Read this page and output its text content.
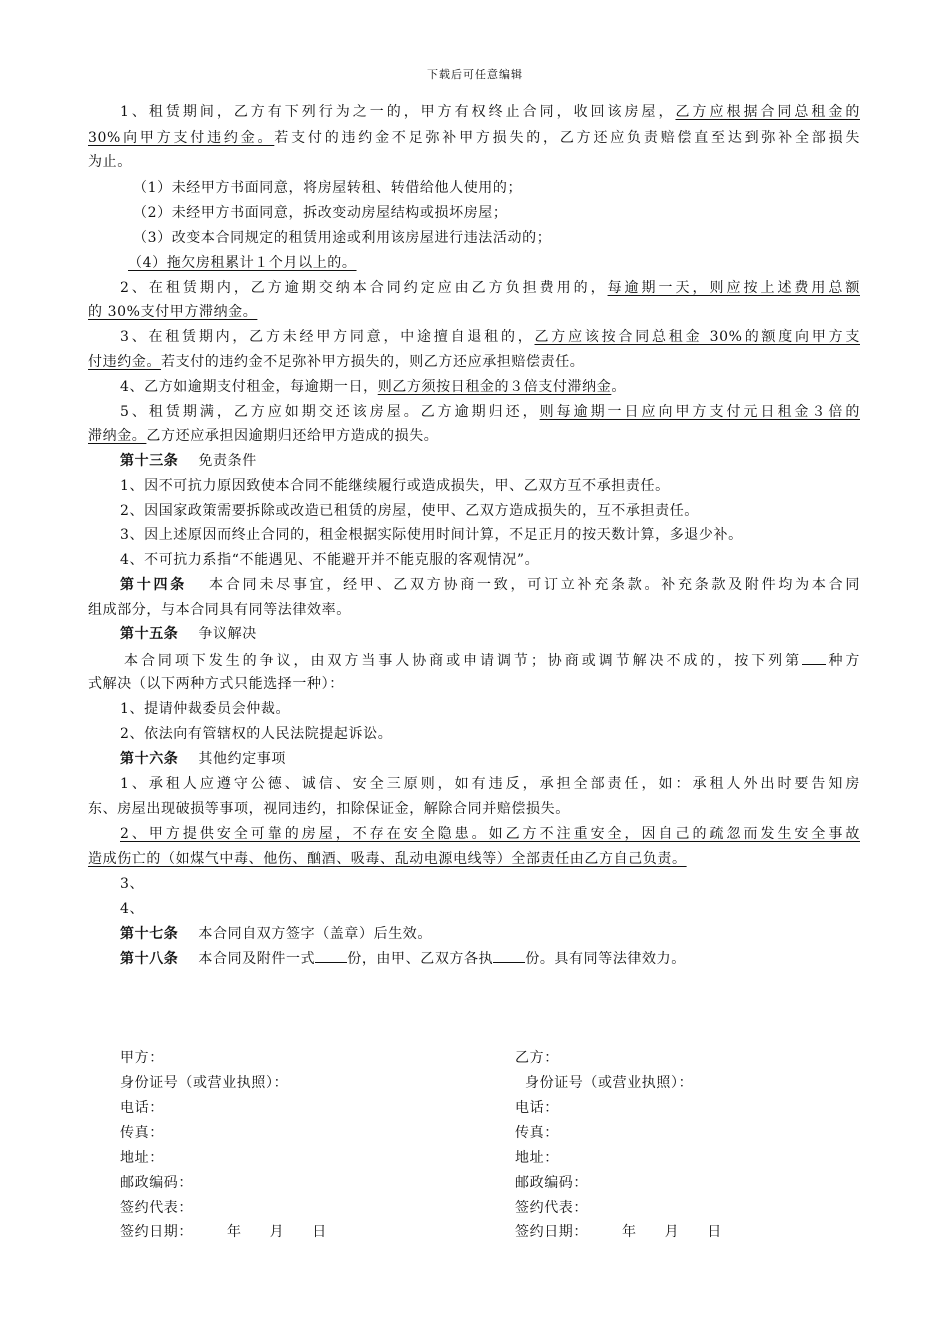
下载后可任意编辑
1、租赁期间，乙方有下列行为之一的，甲方有权终止合同，收回该房屋，乙方应根据合同总租金的
30%向甲方支付违约金。若支付的违约金不足弥补甲方损失的，乙方还应负责赔偿直至达到弥补全部损失
为止。
（1）未经甲方书面同意，将房屋转租、转借给他人使用的；
（2）未经甲方书面同意，拆改变动房屋结构或损坏房屋；
（3）改变本合同规定的租赁用途或利用该房屋进行违法活动的；
（4）拖欠房租累计１个月以上的。
2、在租赁期内，乙方逾期交纳本合同约定应由乙方负担费用的，每逾期一天，则应按上述费用总额
的 30%支付甲方滞纳金。
3、在租赁期内，乙方未经甲方同意，中途擅自退租的，乙方应该按合同总租金 30%的额度向甲方支
付违约金。若支付的违约金不足弥补甲方损失的，则乙方还应承担赔偿责任。
4、乙方如逾期支付租金，每逾期一日，则乙方须按日租金的３倍支付滞纳金。
5、租赁期满，乙方应如期交还该房屋。乙方逾期归还，则每逾期一日应向甲方支付元日租金３倍的
滞纳金。乙方还应承担因逾期归还给甲方造成的损失。
第十三条 免责条件
1、因不可抗力原因致使本合同不能继续履行或造成损失，甲、乙双方互不承担责任。
2、因国家政策需要拆除或改造已租赁的房屋，使甲、乙双方造成损失的，互不承担责任。
3、因上述原因而终止合同的，租金根据实际使用时间计算，不足正月的按天数计算，多退少补。
4、不可抗力系指“不能遇见、不能避开并不能克服的客观情况”。
第十四条 本合同未尽事宜，经甲、乙双方协商一致，可订立补充条款。补充条款及附件均为本合同
组成部分，与本合同具有同等法律效率。
第十五条 争议解决
本合同项下发生的争议，由双方当事人协商或申请调节；协商或调节解决不成的，按下列第 种方
式解决（以下两种方式只能选择一种）：
1、提请仲裁委员会仲裁。
2、依法向有管辖权的人民法院提起诉讼。
第十六条 其他约定事项
1、承租人应遵守公德、诚信、安全三原则，如有违反，承担全部责任，如：承租人外出时要告知房
东、房屋出现破损等事项，视同违约，扣除保证金，解除合同并赔偿损失。
2、甲方提供安全可靠的房屋，不存在安全隐患。如乙方不注重安全，因自己的疏忽而发生安全事故
造成伤亡的（如煤气中毒、他伤、酗酒、吸毒、乱动电源电线等）全部责任由乙方自己负责。
3、
4、
第十七条 本合同自双方签字（盖章）后生效。
第十八条 本合同及附件一式 份，由甲、乙双方各执 份。具有同等法律效力。
甲方：
身份证号（或营业执照）：
电话：
传真：
地址：
邮政编码：
签约代表：
签约日期： 年 月 日
乙方：
身份证号（或营业执照）：
电话：
传真：
地址：
邮政编码：
签约代表：
签约日期： 年 月 日
